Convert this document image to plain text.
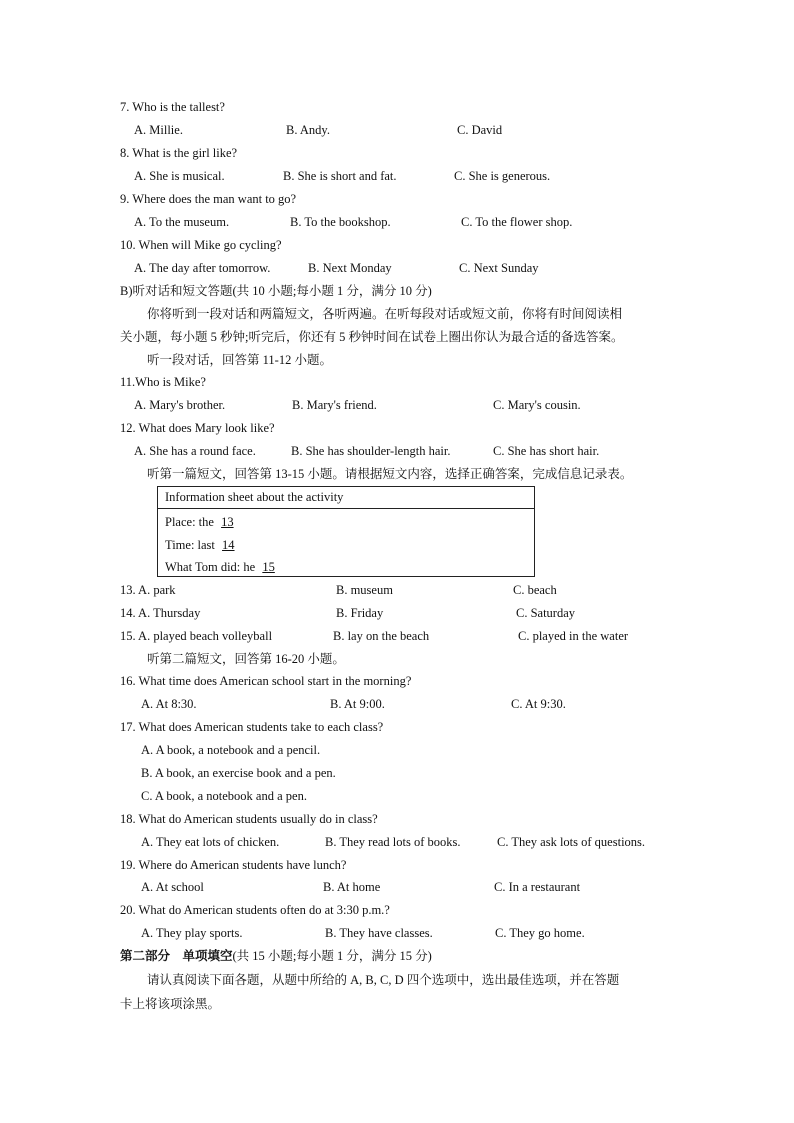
7. Who is the tallest?
A. Millie.	B. Andy.	C. David
8. What is the girl like?
A. She is musical.	B. She is short and fat.	C. She is generous.
9. Where does the man want to go?
A. To the museum.	B. To the bookshop.	C. To the flower shop.
10. When will Mike go cycling?
A. The day after tomorrow.	B. Next Monday	C. Next Sunday
B)听对话和短文答题(共 10 小题;每小题 1 分，满分 10 分)
你将听到一段对话和两篇短文，各听两遍。在听每段对话或短文前，你将有时间阅读相
关小题，每小题 5 秒钟;听完后，你还有 5 秒钟时间在试卷上圈出你认为最合适的备选答案。
听一段对话，回答第 11-12 小题。
11.Who is Mike?
A. Mary's brother.	B. Mary's friend.	C. Mary's cousin.
12. What does Mary look like?
A. She has a round face.	B. She has shoulder-length hair.	C. She has short hair.
听第一篇短文，回答第 13-15 小题。请根据短文内容，选择正确答案，完成信息记录表。
Information sheet about the activity
Place: the 13
Time: last 14
What Tom did: he 15
13. A. park	B. museum	C. beach
14. A. Thursday	B. Friday	C. Saturday
15. A. played beach volleyball	B. lay on the beach	C. played in the water
听第二篇短文，回答第 16-20 小题。
16. What time does American school start in the morning?
A. At 8:30.	B. At 9:00.	C. At 9:30.
17. What does American students take to each class?
A. A book, a notebook and a pencil.
B. A book, an exercise book and a pen.
C. A book, a notebook and a pen.
18. What do American students usually do in class?
A. They eat lots of chicken.	B. They read lots of books.	C. They ask lots of questions.
19. Where do American students have lunch?
A. At school	B. At home	C. In a restaurant
20. What do American students often do at 3:30 p.m.?
A. They play sports.	B. They have classes.	C. They go home.
第二部分　单项填空(共 15 小题;每小题 1 分，满分 15 分)
请认真阅读下面各题，从题中所给的 A, B, C, D 四个选项中，选出最佳选项，并在答题
卡上将该项涂黑。
